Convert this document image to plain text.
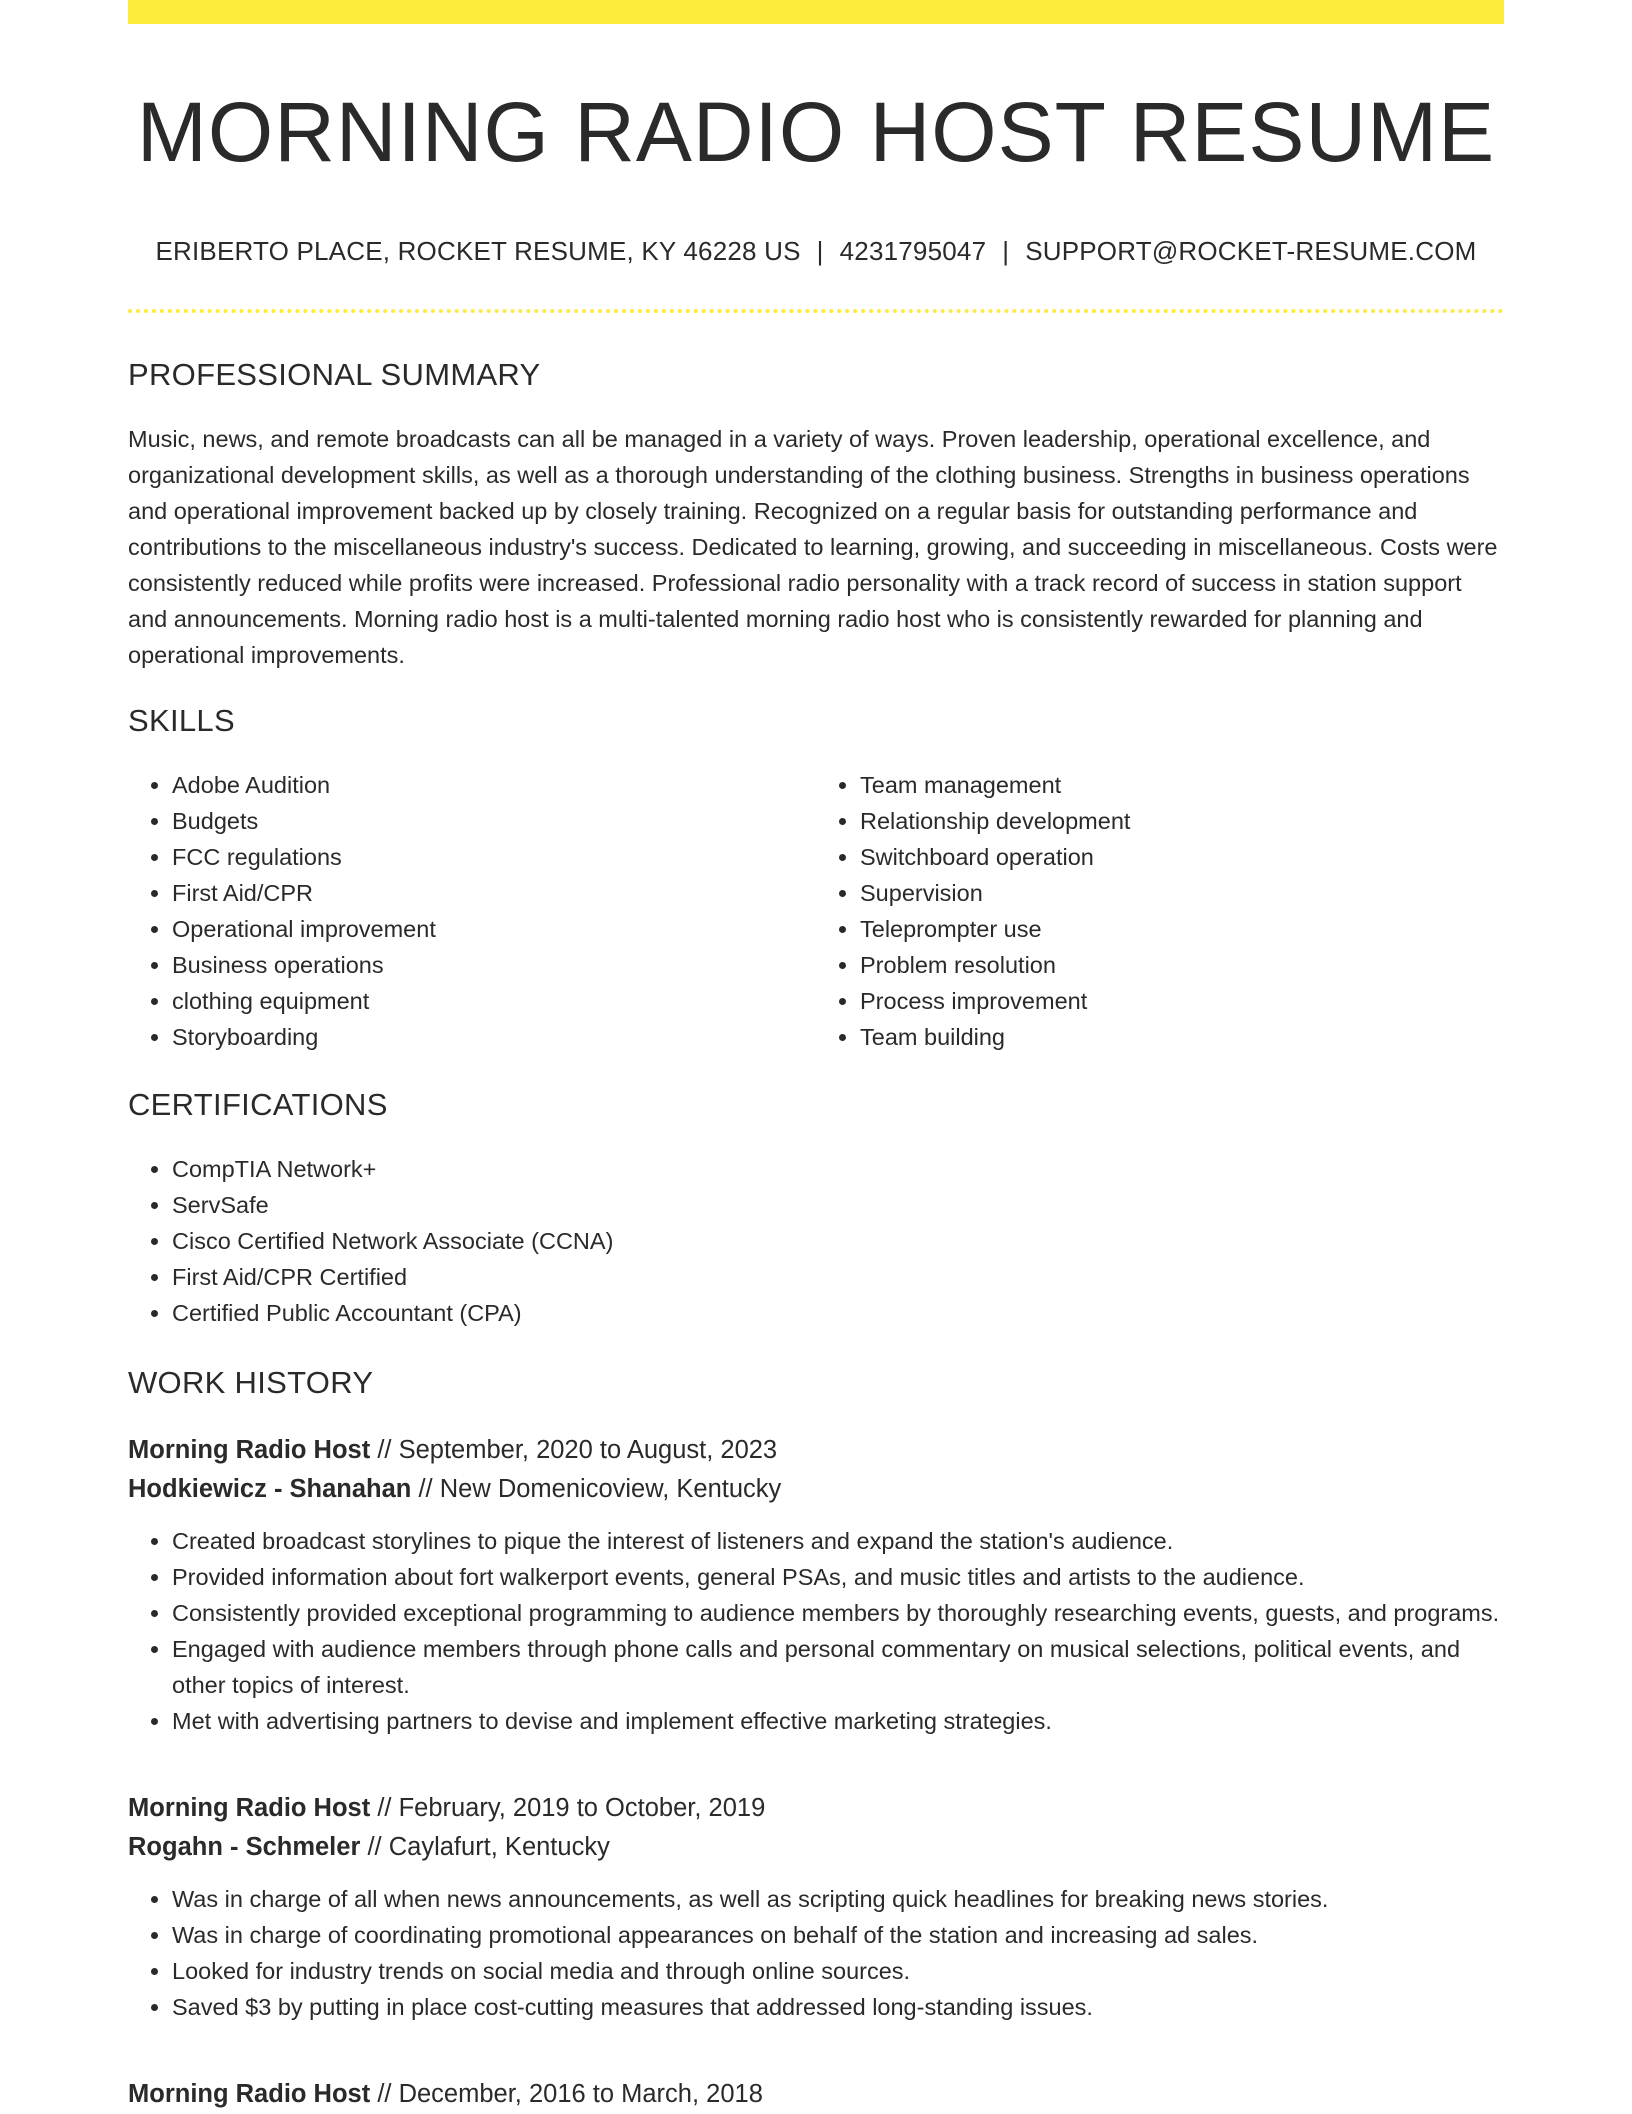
MORNING RADIO HOST RESUME
ERIBERTO PLACE, ROCKET RESUME, KY 46228 US | 4231795047 | SUPPORT@ROCKET-RESUME.COM
PROFESSIONAL SUMMARY

Music, news, and remote broadcasts can all be managed in a variety of ways. Proven leadership, operational excellence, and organizational development skills, as well as a thorough understanding of the clothing business. Strengths in business operations and operational improvement backed up by closely training. Recognized on a regular basis for outstanding performance and contributions to the miscellaneous industry's success. Dedicated to learning, growing, and succeeding in miscellaneous. Costs were consistently reduced while profits were increased. Professional radio personality with a track record of success in station support and announcements. Morning radio host is a multi-talented morning radio host who is consistently rewarded for planning and operational improvements.

SKILLS
• Adobe Audition
• Budgets
• FCC regulations
• First Aid/CPR
• Operational improvement
• Business operations
• clothing equipment
• Storyboarding
• Team management
• Relationship development
• Switchboard operation
• Supervision
• Teleprompter use
• Problem resolution
• Process improvement
• Team building
CERTIFICATIONS
• CompTIA Network+
• ServSafe
• Cisco Certified Network Associate (CCNA)
• First Aid/CPR Certified
• Certified Public Accountant (CPA)
WORK HISTORY
Morning Radio Host // September, 2020 to August, 2023
Hodkiewicz - Shanahan // New Domenicoview, Kentucky
• Created broadcast storylines to pique the interest of listeners and expand the station's audience.
• Provided information about fort walkerport events, general PSAs, and music titles and artists to the audience.
• Consistently provided exceptional programming to audience members by thoroughly researching events, guests, and programs.
• Engaged with audience members through phone calls and personal commentary on musical selections, political events, and other topics of interest.
• Met with advertising partners to devise and implement effective marketing strategies.
Morning Radio Host // February, 2019 to October, 2019
Rogahn - Schmeler // Caylafurt, Kentucky
• Was in charge of all when news announcements, as well as scripting quick headlines for breaking news stories.
• Was in charge of coordinating promotional appearances on behalf of the station and increasing ad sales.
• Looked for industry trends on social media and through online sources.
• Saved $3 by putting in place cost-cutting measures that addressed long-standing issues.
Morning Radio Host // December, 2016 to March, 2018
